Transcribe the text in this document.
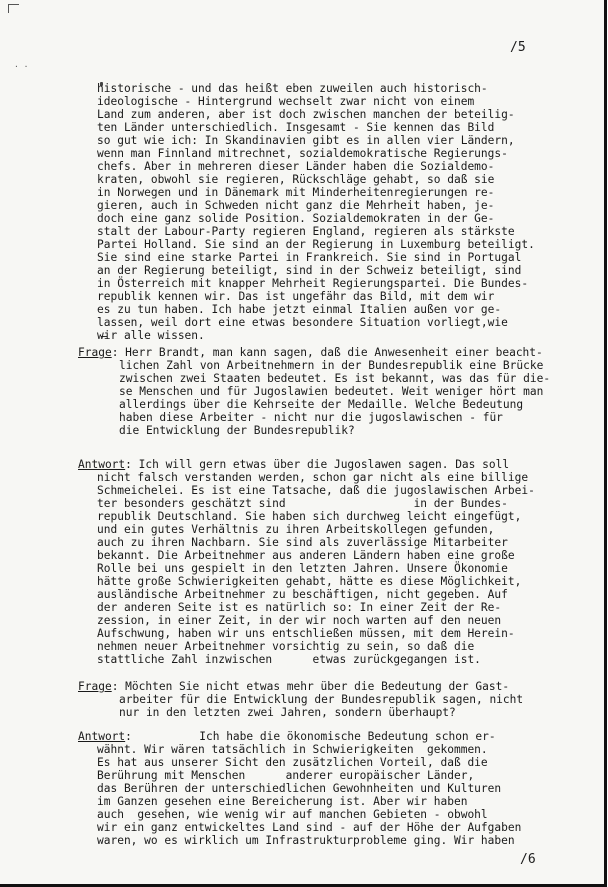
· ·
/5
historische - und das heißt eben zuweilen auch historisch-
ideologische - Hintergrund wechselt zwar nicht von einem
Land zum anderen, aber ist doch zwischen manchen der beteilig-
ten Länder unterschiedlich. Insgesamt - Sie kennen das Bild
so gut wie ich: In Skandinavien gibt es in allen vier Ländern,
wenn man Finnland mitrechnet, sozialdemokratische Regierungs-
chefs. Aber in mehreren dieser Länder haben die Sozialdemo-
kraten, obwohl sie regieren, Rückschläge gehabt, so daß sie
in Norwegen und in Dänemark mit Minderheitenregierungen re-
gieren, auch in Schweden nicht ganz die Mehrheit haben, je-
doch eine ganz solide Position. Sozialdemokraten in der Ge-
stalt der Labour-Party regieren England, regieren als stärkste
Partei Holland. Sie sind an der Regierung in Luxemburg beteiligt.
Sie sind eine starke Partei in Frankreich. Sie sind in Portugal
an der Regierung beteiligt, sind in der Schweiz beteiligt, sind
in Österreich mit knapper Mehrheit Regierungspartei. Die Bundes-
republik kennen wir. Das ist ungefähr das Bild, mit dem wir
es zu tun haben. Ich habe jetzt einmal Italien außen vor ge-
lassen, weil dort eine etwas besondere Situation vorliegt,wie
wir alle wissen.
Frage: Herr Brandt, man kann sagen, daß die Anwesenheit einer beacht-
lichen Zahl von Arbeitnehmern in der Bundesrepublik eine Brücke
zwischen zwei Staaten bedeutet. Es ist bekannt, was das für die-
se Menschen und für Jugoslawien bedeutet. Weit weniger hört man
allerdings über die Kehrseite der Medaille. Welche Bedeutung
haben diese Arbeiter - nicht nur die jugoslawischen - für
die Entwicklung der Bundesrepublik?
Antwort: Ich will gern etwas über die Jugoslawen sagen. Das soll
nicht falsch verstanden werden, schon gar nicht als eine billige
Schmeichelei. Es ist eine Tatsache, daß die jugoslawischen Arbei-
ter besonders geschätzt sind                   in der Bundes-
republik Deutschland. Sie haben sich durchweg leicht eingefügt,
und ein gutes Verhältnis zu ihren Arbeitskollegen gefunden,
auch zu ihren Nachbarn. Sie sind als zuverlässige Mitarbeiter
bekannt. Die Arbeitnehmer aus anderen Ländern haben eine große
Rolle bei uns gespielt in den letzten Jahren. Unsere Ökonomie
hätte große Schwierigkeiten gehabt, hätte es diese Möglichkeit,
ausländische Arbeitnehmer zu beschäftigen, nicht gegeben. Auf
der anderen Seite ist es natürlich so: In einer Zeit der Re-
zession, in einer Zeit, in der wir noch warten auf den neuen
Aufschwung, haben wir uns entschließen müssen, mit dem Herein-
nehmen neuer Arbeitnehmer vorsichtig zu sein, so daß die
stattliche Zahl inzwischen      etwas zurückgegangen ist.
Frage: Möchten Sie nicht etwas mehr über die Bedeutung der Gast-
arbeiter für die Entwicklung der Bundesrepublik sagen, nicht
nur in den letzten zwei Jahren, sondern überhaupt?
Antwort:          Ich habe die ökonomische Bedeutung schon er-
wähnt. Wir wären tatsächlich in Schwierigkeiten  gekommen.
Es hat aus unserer Sicht den zusätzlichen Vorteil, daß die
Berührung mit Menschen      anderer europäischer Länder,
das Berühren der unterschiedlichen Gewohnheiten und Kulturen
im Ganzen gesehen eine Bereicherung ist. Aber wir haben
auch  gesehen, wie wenig wir auf manchen Gebieten - obwohl
wir ein ganz entwickeltes Land sind - auf der Höhe der Aufgaben
waren, wo es wirklich um Infrastrukturprobleme ging. Wir haben
/6
